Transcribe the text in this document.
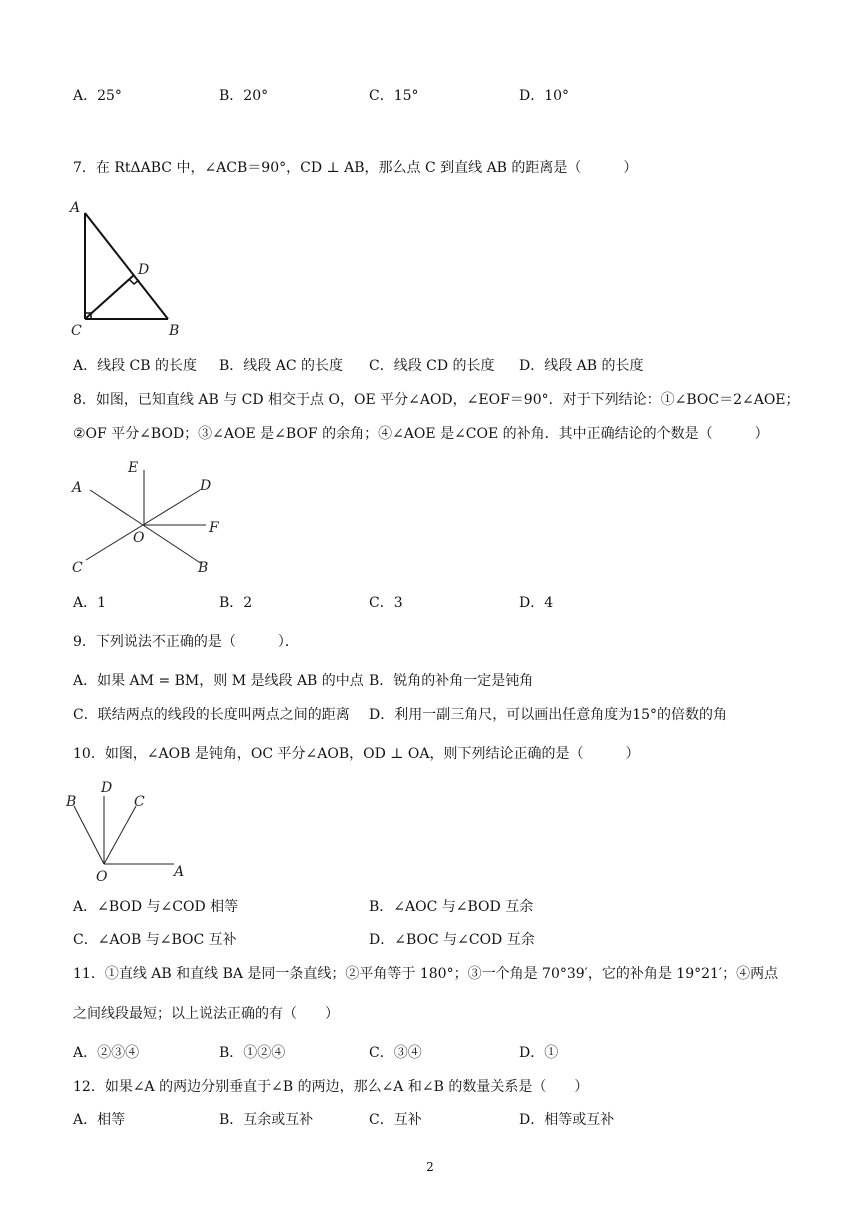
A．25°	B．20°	C．15°	D．10°
7．在 RtΔABC 中，∠ACB＝90°，CD ⊥ AB，那么点 C 到直线 AB 的距离是（　　　）
A
D
C	B
A．线段 CB 的长度 B．线段 AC 的长度 C．线段 CD 的长度 D．线段 AB 的长度
8．如图，已知直线 AB 与 CD 相交于点 O，OE 平分∠AOD，∠EOF＝90°．对于下列结论：①∠BOC＝2∠AOE；
②OF 平分∠BOD；③∠AOE 是∠BOF 的余角；④∠AOE 是∠COE 的补角．其中正确结论的个数是（　　　）
E
A	D
F
O
C	B
A．1	B．2	C．3	D．4
9．下列说法不正确的是（　　　）．
A．如果 AM = BM，则 M 是线段 AB 的中点 B．锐角的补角一定是钝角
C．联结两点的线段的长度叫两点之间的距离 D．利用一副三角尺，可以画出任意角度为15°的倍数的角
10．如图，∠AOB 是钝角，OC 平分∠AOB，OD ⊥ OA，则下列结论正确的是（　　　）
B
D
C
O	A
A．∠BOD 与∠COD 相等	B．∠AOC 与∠BOD 互余
C．∠AOB 与∠BOC 互补	D．∠BOC 与∠COD 互余
11．①直线 AB 和直线 BA 是同一条直线；②平角等于 180°；③一个角是 70°39′，它的补角是 19°21′；④两点
之间线段最短；以上说法正确的有（　　）
A．②③④	B．①②④	C．③④	D．①
12．如果∠A 的两边分别垂直于∠B 的两边，那么∠A 和∠B 的数量关系是（　　）
A．相等	B．互余或互补	C．互补	D．相等或互补
2
